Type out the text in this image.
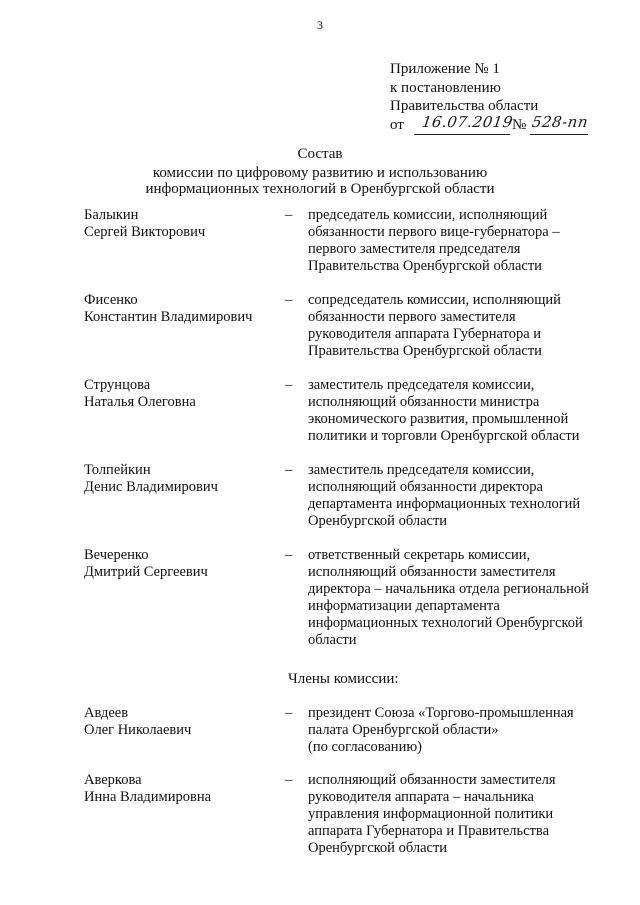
3
Приложение № 1
к постановлению
Правительства области
от 16.07.2019
№ 528-пп
Состав
комиссии по цифровому развитию и использованию
информационных технологий в Оренбургской области
Балыкин
Сергей Викторович
– председатель комиссии, исполняющий
обязанности первого вице-губернатора –
первого заместителя председателя
Правительства Оренбургской области
Фисенко
Константин Владимирович
– сопредседатель комиссии, исполняющий
обязанности первого заместителя
руководителя аппарата Губернатора и
Правительства Оренбургской области
Струнцова
Наталья Олеговна
– заместитель председателя комиссии,
исполняющий обязанности министра
экономического развития, промышленной
политики и торговли Оренбургской области
Толпейкин
Денис Владимирович
– заместитель председателя комиссии,
исполняющий обязанности директора
департамента информационных технологий
Оренбургской области
Вечеренко
Дмитрий Сергеевич
– ответственный секретарь комиссии,
исполняющий обязанности заместителя
директора – начальника отдела региональной
информатизации департамента
информационных технологий Оренбургской
области
Члены комиссии:
Авдеев
Олег Николаевич
– президент Союза «Торгово-промышленная
палата Оренбургской области»
(по согласованию)
Аверкова
Инна Владимировна
– исполняющий обязанности заместителя
руководителя аппарата – начальника
управления информационной политики
аппарата Губернатора и Правительства
Оренбургской области
